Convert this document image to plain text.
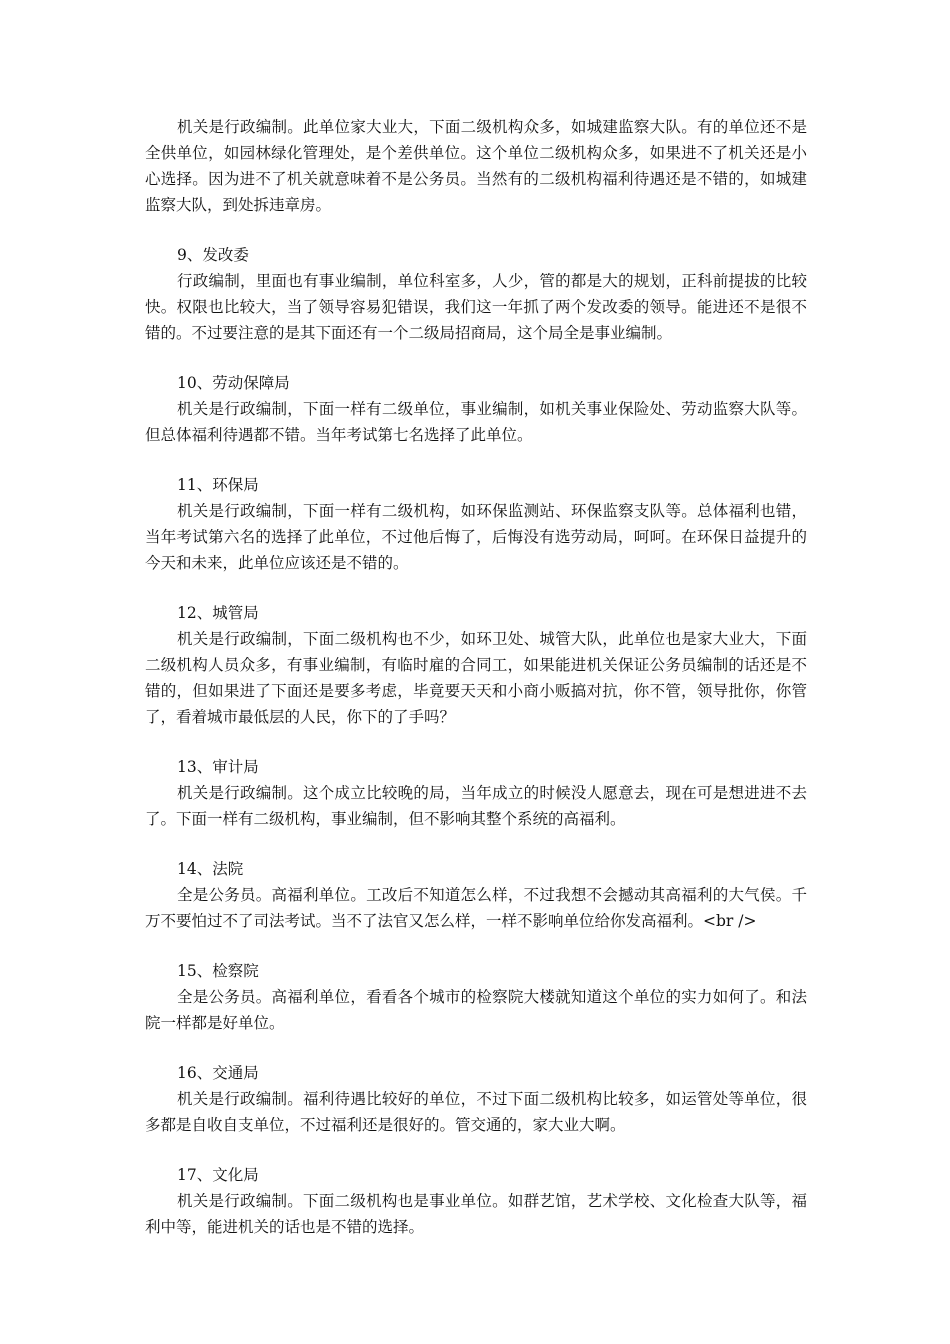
机关是行政编制。此单位家大业大，下面二级机构众多，如城建监察大队。有的单位还不是全供单位，如园林绿化管理处，是个差供单位。这个单位二级机构众多，如果进不了机关还是小心选择。因为进不了机关就意味着不是公务员。当然有的二级机构福利待遇还是不错的，如城建监察大队，到处拆违章房。

9、发改委

行政编制，里面也有事业编制，单位科室多，人少，管的都是大的规划，正科前提拔的比较快。权限也比较大，当了领导容易犯错误，我们这一年抓了两个发改委的领导。能进还不是很不错的。不过要注意的是其下面还有一个二级局招商局，这个局全是事业编制。

10、劳动保障局

机关是行政编制，下面一样有二级单位，事业编制，如机关事业保险处、劳动监察大队等。但总体福利待遇都不错。当年考试第七名选择了此单位。

11、环保局

机关是行政编制，下面一样有二级机构，如环保监测站、环保监察支队等。总体福利也错，当年考试第六名的选择了此单位，不过他后悔了，后悔没有选劳动局，呵呵。在环保日益提升的今天和未来，此单位应该还是不错的。

12、城管局

机关是行政编制，下面二级机构也不少，如环卫处、城管大队，此单位也是家大业大，下面二级机构人员众多，有事业编制，有临时雇的合同工，如果能进机关保证公务员编制的话还是不错的，但如果进了下面还是要多考虑，毕竟要天天和小商小贩搞对抗，你不管，领导批你，你管了，看着城市最低层的人民，你下的了手吗？

13、审计局

机关是行政编制。这个成立比较晚的局，当年成立的时候没人愿意去，现在可是想进进不去了。下面一样有二级机构，事业编制，但不影响其整个系统的高福利。

14、法院

全是公务员。高福利单位。工改后不知道怎么样，不过我想不会撼动其高福利的大气侯。千万不要怕过不了司法考试。当不了法官又怎么样，一样不影响单位给你发高福利。<br />

15、检察院

全是公务员。高福利单位，看看各个城市的检察院大楼就知道这个单位的实力如何了。和法院一样都是好单位。

16、交通局

机关是行政编制。福利待遇比较好的单位，不过下面二级机构比较多，如运管处等单位，很多都是自收自支单位，不过福利还是很好的。管交通的，家大业大啊。

17、文化局

机关是行政编制。下面二级机构也是事业单位。如群艺馆，艺术学校、文化检查大队等，福利中等，能进机关的话也是不错的选择。
